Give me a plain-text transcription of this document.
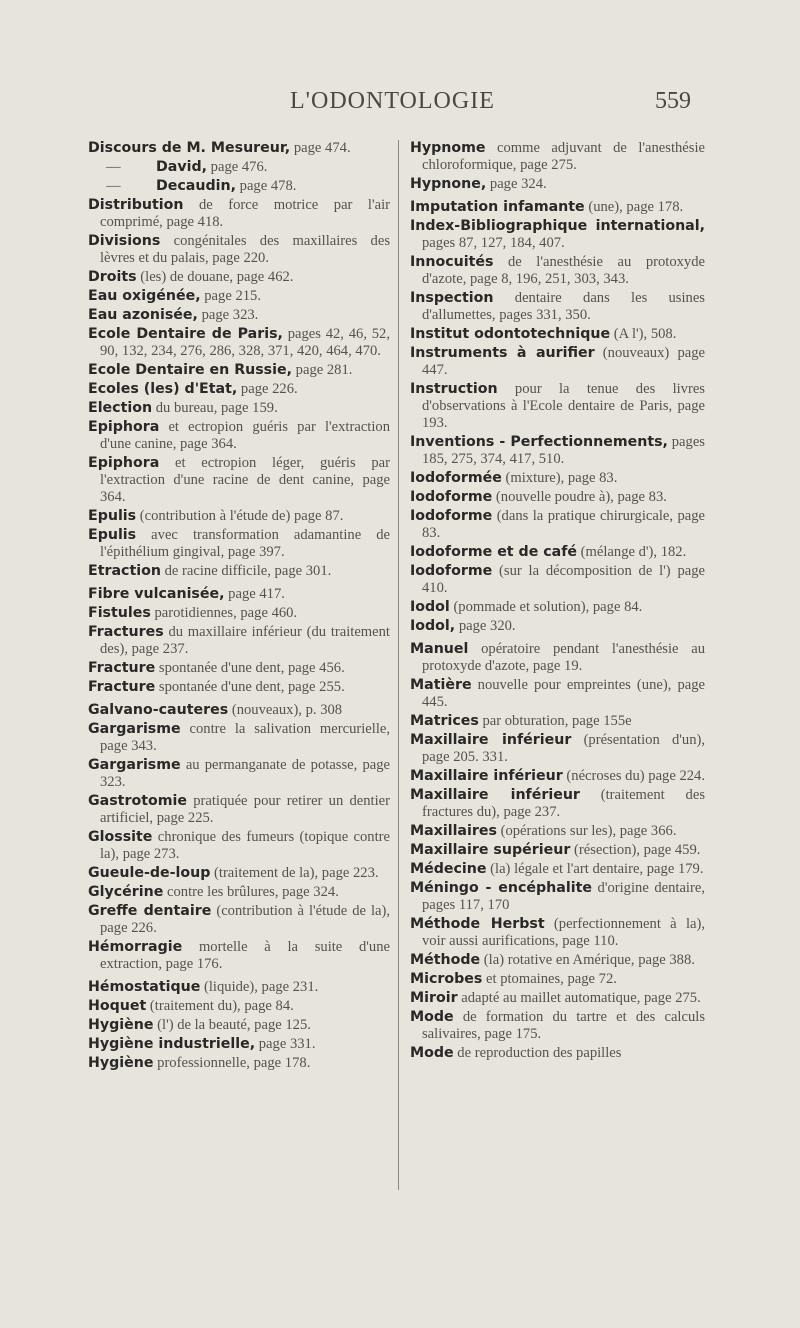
L'ODONTOLOGIE	559
Discours de M. Mesureur, page 474.
— David, page 476.
— Decaudin, page 478.
Distribution de force motrice par l'air comprimé, page 418.
Divisions congénitales des maxillaires des lèvres et du palais, page 220.
Droits (les) de douane, page 462.
Eau oxigénée, page 215.
Eau azonisée, page 323.
Ecole Dentaire de Paris, pages 42, 46, 52, 90, 132, 234, 276, 286, 328, 371, 420, 464, 470.
Ecole Dentaire en Russie, page 281.
Ecoles (les) d'Etat, page 226.
Election du bureau, page 159.
Epiphora et ectropion guéris par l'extraction d'une canine, page 364.
Epiphora et ectropion léger, guéris par l'extraction d'une racine de dent canine, page 364.
Epulis (contribution à l'étude de) page 87.
Epulis avec transformation adamantine de l'épithélium gingival, page 397.
Etraction de racine difficile, page 301.
Fibre vulcanisée, page 417.
Fistules parotidiennes, page 460.
Fractures du maxillaire inférieur (du traitement des), page 237.
Fracture spontanée d'une dent, page 456.
Fracture spontanée d'une dent, page 255.
Galvano-cauteres (nouveaux), p. 308
Gargarisme contre la salivation mercurielle, page 343.
Gargarisme au permanganate de potasse, page 323.
Gastrotomie pratiquée pour retirer un dentier artificiel, page 225.
Glossite chronique des fumeurs (topique contre la), page 273.
Gueule-de-loup (traitement de la), page 223.
Glycérine contre les brûlures, page 324.
Greffe dentaire (contribution à l'étude de la), page 226.
Hémorragie mortelle à la suite d'une extraction, page 176.
Hémostatique (liquide), page 231.
Hoquet (traitement du), page 84.
Hygiène (l') de la beauté, page 125.
Hygiène industrielle, page 331.
Hygiène professionnelle, page 178.
Hypnome comme adjuvant de l'anesthésie chloroformique, page 275.
Hypnone, page 324.
Imputation infamante (une), page 178.
Index-Bibliographique international, pages 87, 127, 184, 407.
Innocuités de l'anesthésie au protoxyde d'azote, page 8, 196, 251, 303, 343.
Inspection dentaire dans les usines d'allumettes, pages 331, 350.
Institut odontotechnique (A l'), 508.
Instruments à aurifier (nouveaux) page 447.
Instruction pour la tenue des livres d'observations à l'Ecole dentaire de Paris, page 193.
Inventions - Perfectionnements, pages 185, 275, 374, 417, 510.
Iodoformée (mixture), page 83.
Iodoforme (nouvelle poudre à), page 83.
Iodoforme (dans la pratique chirurgicale, page 83.
Iodoforme et de café (mélange d'), 182.
Iodoforme (sur la décomposition de l') page 410.
Iodol (pommade et solution), page 84.
Iodol, page 320.
Manuel opératoire pendant l'anesthésie au protoxyde d'azote, page 19.
Matière nouvelle pour empreintes (une), page 445.
Matrices par obturation, page 155e
Maxillaire inférieur (présentation d'un), page 205. 331.
Maxillaire inférieur (nécroses du) page 224.
Maxillaire inférieur (traitement des fractures du), page 237.
Maxillaires (opérations sur les), page 366.
Maxillaire supérieur (résection), page 459.
Médecine (la) légale et l'art dentaire, page 179.
Méningo - encéphalite d'origine dentaire, pages 117, 170
Méthode Herbst (perfectionnement à la), voir aussi aurifications, page 110.
Méthode (la) rotative en Amérique, page 388.
Microbes et ptomaines, page 72.
Miroir adapté au maillet automatique, page 275.
Mode de formation du tartre et des calculs salivaires, page 175.
Mode de reproduction des papilles
